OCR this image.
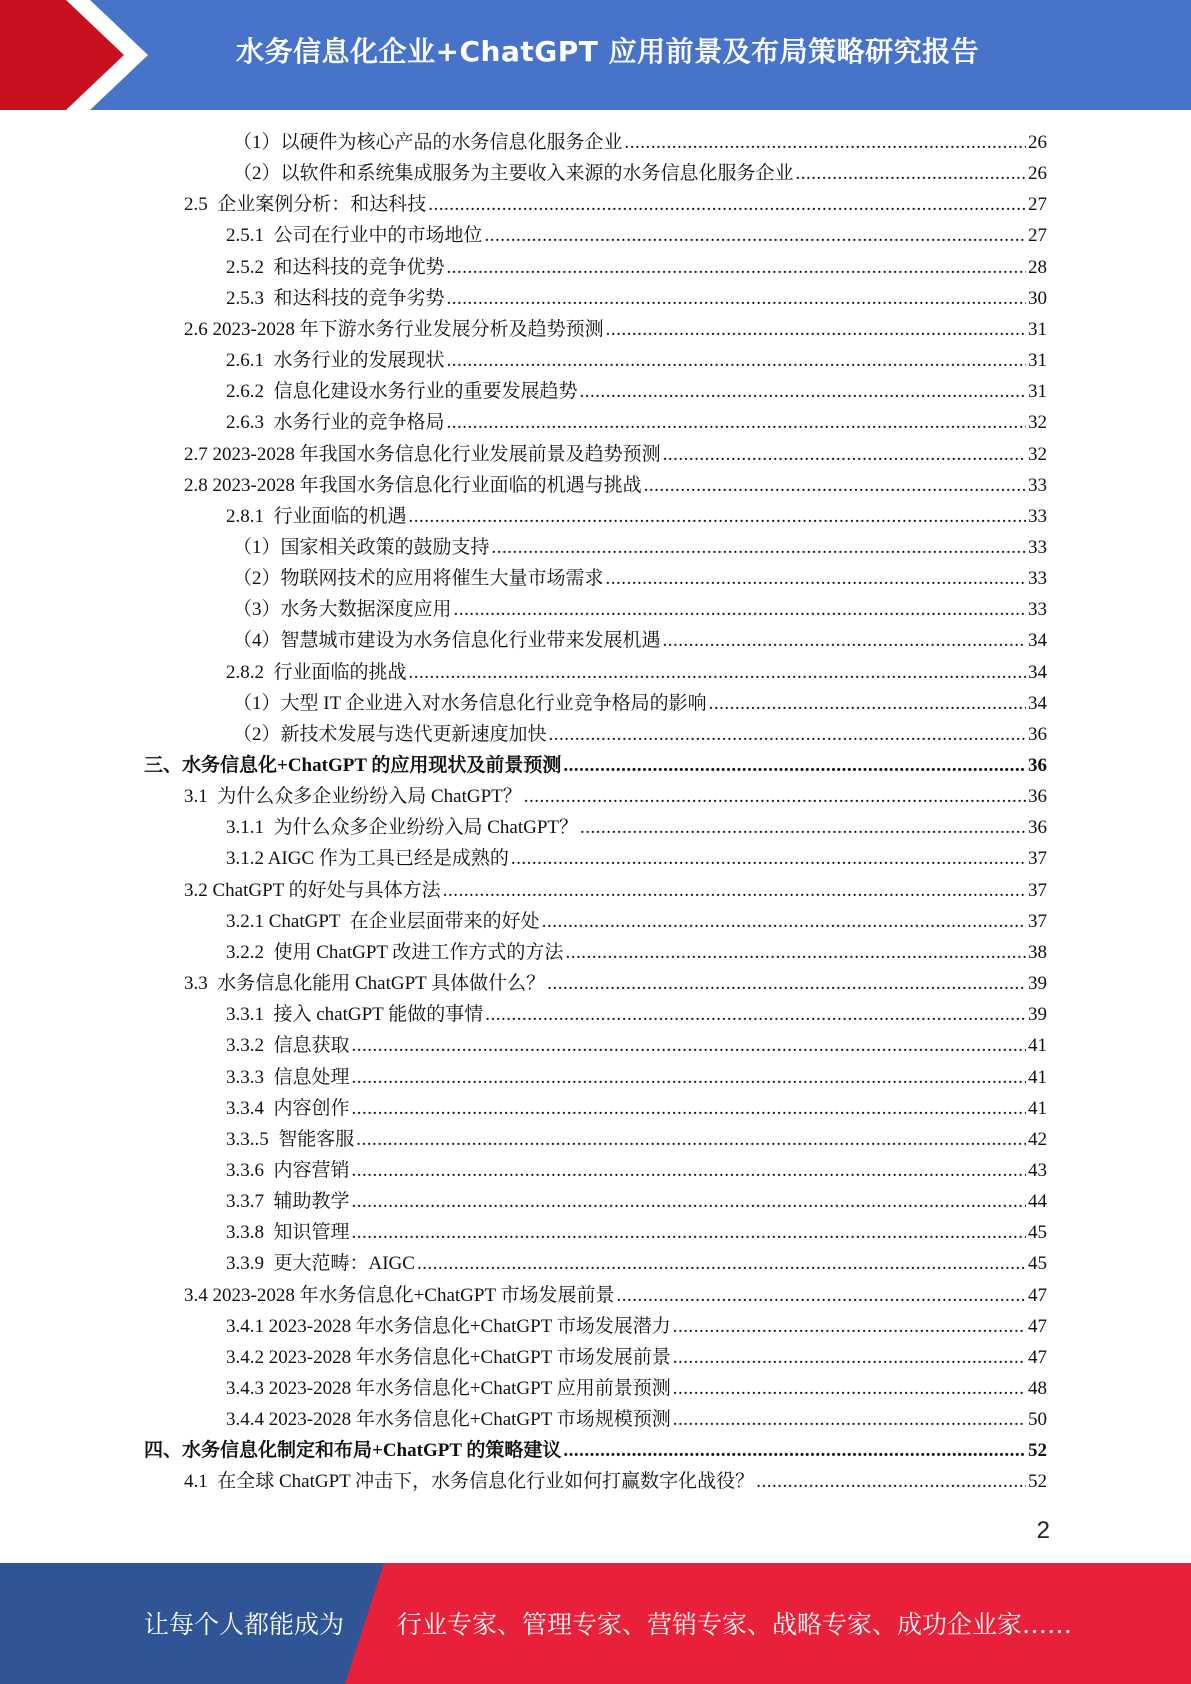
水务信息化企业+ChatGPT 应用前景及布局策略研究报告
（1）以硬件为核心产品的水务信息化服务企业 .....	26
（2）以软件和系统集成服务为主要收入来源的水务信息化服务企业 .....	26
2.5  企业案例分析：和达科技 .....	27
2.5.1  公司在行业中的市场地位 .....	27
2.5.2  和达科技的竞争优势 .....	28
2.5.3  和达科技的竞争劣势 .....	30
2.6 2023-2028 年下游水务行业发展分析及趋势预测 .....	31
2.6.1  水务行业的发展现状 .....	31
2.6.2  信息化建设水务行业的重要发展趋势 .....	31
2.6.3  水务行业的竞争格局 .....	32
2.7 2023-2028 年我国水务信息化行业发展前景及趋势预测 .....	32
2.8 2023-2028 年我国水务信息化行业面临的机遇与挑战 .....	33
2.8.1  行业面临的机遇 .....	33
（1）国家相关政策的鼓励支持 .....	33
（2）物联网技术的应用将催生大量市场需求 .....	33
（3）水务大数据深度应用 .....	33
（4）智慧城市建设为水务信息化行业带来发展机遇 .....	34
2.8.2  行业面临的挑战 .....	34
（1）大型 IT 企业进入对水务信息化行业竞争格局的影响 .....	34
（2）新技术发展与迭代更新速度加快 .....	36
三、水务信息化+ChatGPT 的应用现状及前景预测 .....	36
3.1  为什么众多企业纷纷入局 ChatGPT？ .....	36
3.1.1  为什么众多企业纷纷入局 ChatGPT？ .....	36
3.1.2 AIGC 作为工具已经是成熟的 .....	37
3.2 ChatGPT 的好处与具体方法 .....	37
3.2.1 ChatGPT  在企业层面带来的好处 .....	37
3.2.2  使用 ChatGPT 改进工作方式的方法 .....	38
3.3  水务信息化能用 ChatGPT 具体做什么？ .....	39
3.3.1  接入 chatGPT 能做的事情 .....	39
3.3.2  信息获取 .....	41
3.3.3  信息处理 .....	41
3.3.4  内容创作 .....	41
3.3..5  智能客服 .....	42
3.3.6  内容营销 .....	43
3.3.7  辅助教学 .....	44
3.3.8  知识管理 .....	45
3.3.9  更大范畴：AIGC .....	45
3.4 2023-2028 年水务信息化+ChatGPT 市场发展前景 .....	47
3.4.1 2023-2028 年水务信息化+ChatGPT 市场发展潜力 .....	47
3.4.2 2023-2028 年水务信息化+ChatGPT 市场发展前景 .....	47
3.4.3 2023-2028 年水务信息化+ChatGPT 应用前景预测 .....	48
3.4.4 2023-2028 年水务信息化+ChatGPT 市场规模预测 .....	50
四、水务信息化制定和布局+ChatGPT 的策略建议 .....	52
4.1  在全球 ChatGPT 冲击下，水务信息化行业如何打赢数字化战役？ .....	52
2
让每个人都能成为 行业专家、管理专家、营销专家、战略专家、成功企业家……
